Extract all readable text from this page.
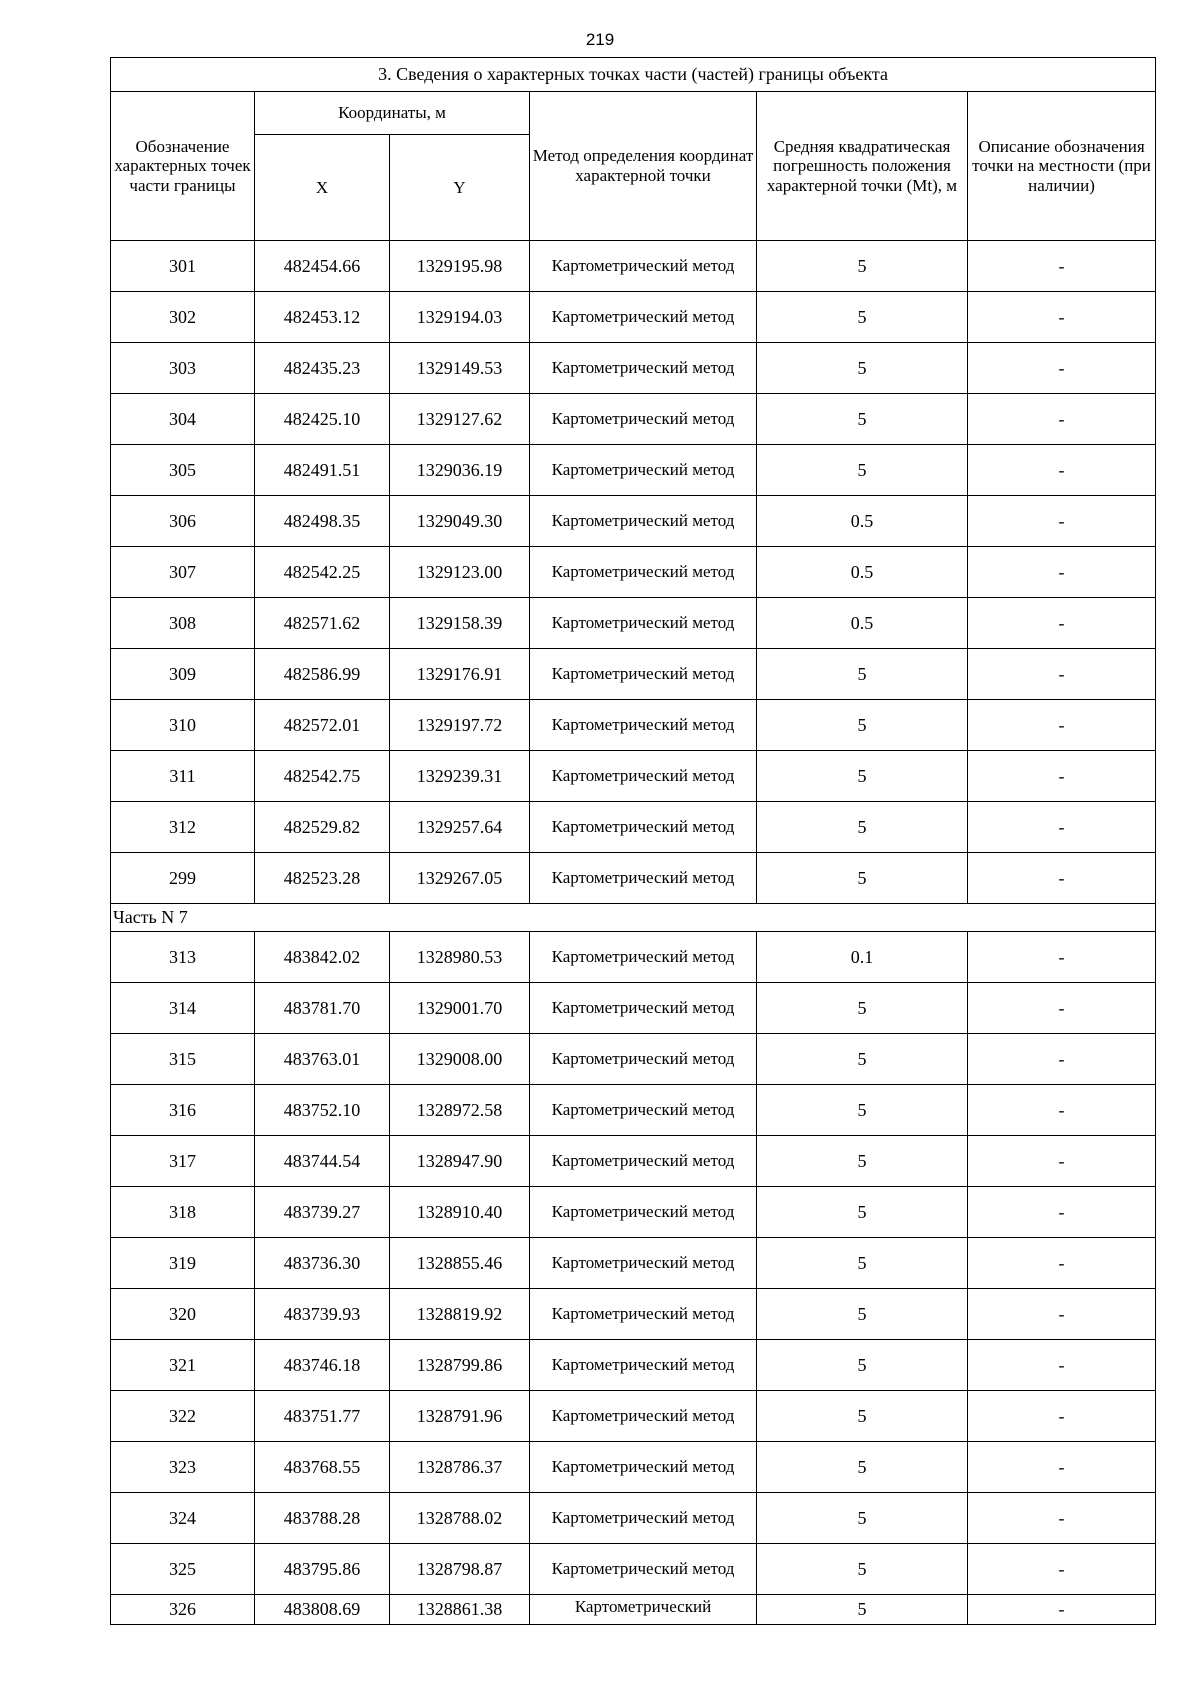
219
3. Сведения о характерных точках части (частей) границы объекта					
Обозначение характерных точек части границы	Координаты, м		Метод определения координат характерной точки	Средняя квадратическая погрешность положения характерной точки (Mt), м	Описание обозначения точки на местности (при наличии)
	X	Y			
301	482454.66	1329195.98	Картометрический метод	5	-
302	482453.12	1329194.03	Картометрический метод	5	-
303	482435.23	1329149.53	Картометрический метод	5	-
304	482425.10	1329127.62	Картометрический метод	5	-
305	482491.51	1329036.19	Картометрический метод	5	-
306	482498.35	1329049.30	Картометрический метод	0.5	-
307	482542.25	1329123.00	Картометрический метод	0.5	-
308	482571.62	1329158.39	Картометрический метод	0.5	-
309	482586.99	1329176.91	Картометрический метод	5	-
310	482572.01	1329197.72	Картометрический метод	5	-
311	482542.75	1329239.31	Картометрический метод	5	-
312	482529.82	1329257.64	Картометрический метод	5	-
299	482523.28	1329267.05	Картометрический метод	5	-
Часть N 7					
313	483842.02	1328980.53	Картометрический метод	0.1	-
314	483781.70	1329001.70	Картометрический метод	5	-
315	483763.01	1329008.00	Картометрический метод	5	-
316	483752.10	1328972.58	Картометрический метод	5	-
317	483744.54	1328947.90	Картометрический метод	5	-
318	483739.27	1328910.40	Картометрический метод	5	-
319	483736.30	1328855.46	Картометрический метод	5	-
320	483739.93	1328819.92	Картометрический метод	5	-
321	483746.18	1328799.86	Картометрический метод	5	-
322	483751.77	1328791.96	Картометрический метод	5	-
323	483768.55	1328786.37	Картометрический метод	5	-
324	483788.28	1328788.02	Картометрический метод	5	-
325	483795.86	1328798.87	Картометрический метод	5	-
326	483808.69	1328861.38	Картометрический	5	-
